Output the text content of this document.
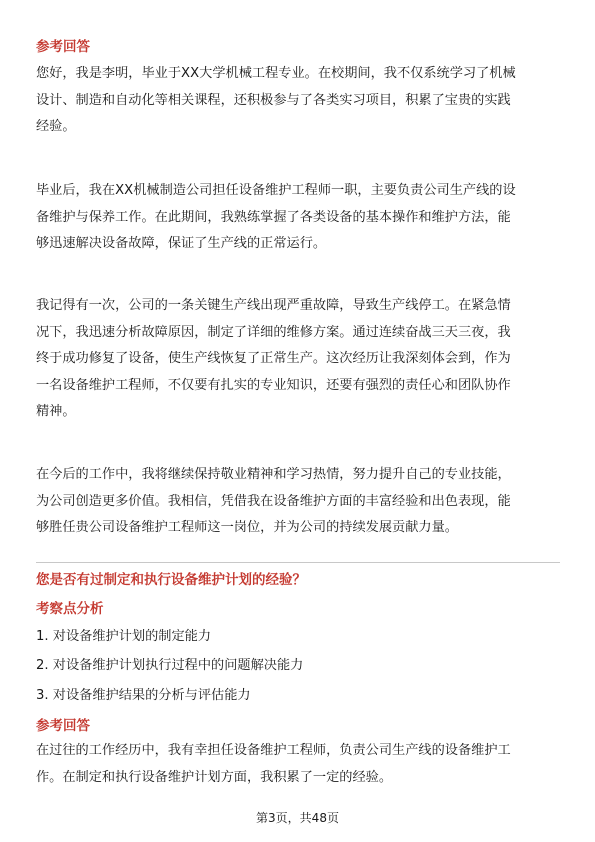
参考回答
您好，我是李明，毕业于XX大学机械工程专业。在校期间，我不仅系统学习了机械
设计、制造和自动化等相关课程，还积极参与了各类实习项目，积累了宝贵的实践
经验。
毕业后，我在XX机械制造公司担任设备维护工程师一职，主要负责公司生产线的设
备维护与保养工作。在此期间，我熟练掌握了各类设备的基本操作和维护方法，能
够迅速解决设备故障，保证了生产线的正常运行。
我记得有一次，公司的一条关键生产线出现严重故障，导致生产线停工。在紧急情
况下，我迅速分析故障原因，制定了详细的维修方案。通过连续奋战三天三夜，我
终于成功修复了设备，使生产线恢复了正常生产。这次经历让我深刻体会到，作为
一名设备维护工程师，不仅要有扎实的专业知识，还要有强烈的责任心和团队协作
精神。
在今后的工作中，我将继续保持敬业精神和学习热情，努力提升自己的专业技能，
为公司创造更多价值。我相信，凭借我在设备维护方面的丰富经验和出色表现，能
够胜任贵公司设备维护工程师这一岗位，并为公司的持续发展贡献力量。
您是否有过制定和执行设备维护计划的经验？
考察点分析
1. 对设备维护计划的制定能力
2. 对设备维护计划执行过程中的问题解决能力
3. 对设备维护结果的分析与评估能力
参考回答
在过往的工作经历中，我有幸担任设备维护工程师，负责公司生产线的设备维护工
作。在制定和执行设备维护计划方面，我积累了一定的经验。
第3页，共48页
